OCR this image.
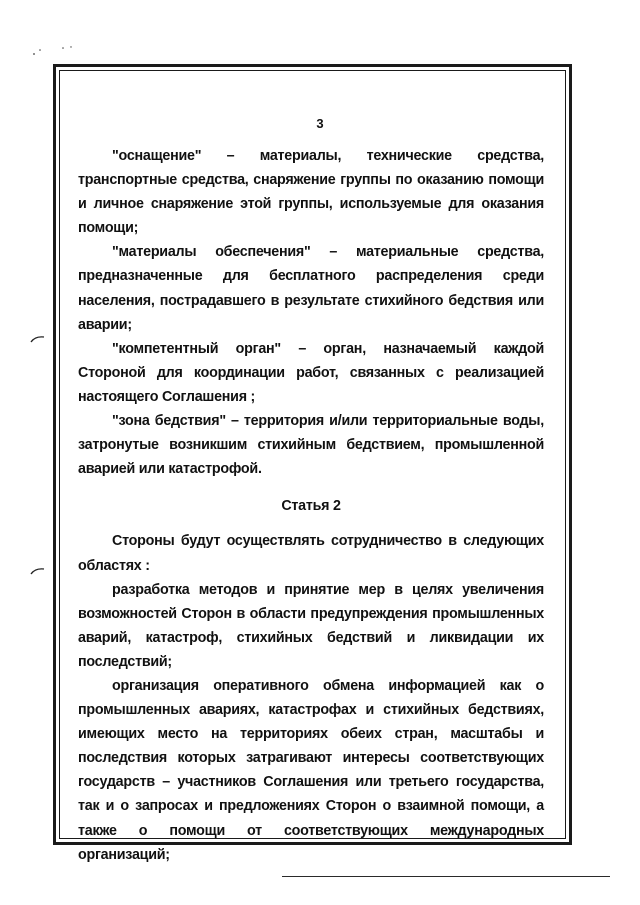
3

"оснащение" – материалы, технические средства, транспортные средства, снаряжение группы по оказанию помощи и личное снаряжение этой группы, используемые для оказания помощи;

"материалы обеспечения" – материальные средства, предназначенные для бесплатного распределения среди населения, пострадавшего в результате стихийного бедствия или аварии;

"компетентный орган" – орган, назначаемый каждой Стороной для координации работ, связанных с реализацией настоящего Соглашения ;

"зона бедствия" – территория и/или территориальные воды, затронутые возникшим стихийным бедствием, промышленной аварией или катастрофой.

Статья 2

Стороны будут осуществлять сотрудничество в следующих областях :

разработка методов и принятие мер в целях увеличения возможностей Сторон в области предупреждения промышленных аварий, катастроф, стихийных бедствий и ликвидации их последствий;

организация оперативного обмена информацией как о промышленных авариях, катастрофах и стихийных бедствиях, имеющих место на территориях обеих стран, масштабы и последствия которых затрагивают интересы соответствующих государств – участников Соглашения или третьего государства, так и о запросах и предложениях Сторон о взаимной помощи, а также о помощи от соответствующих международных организаций;
